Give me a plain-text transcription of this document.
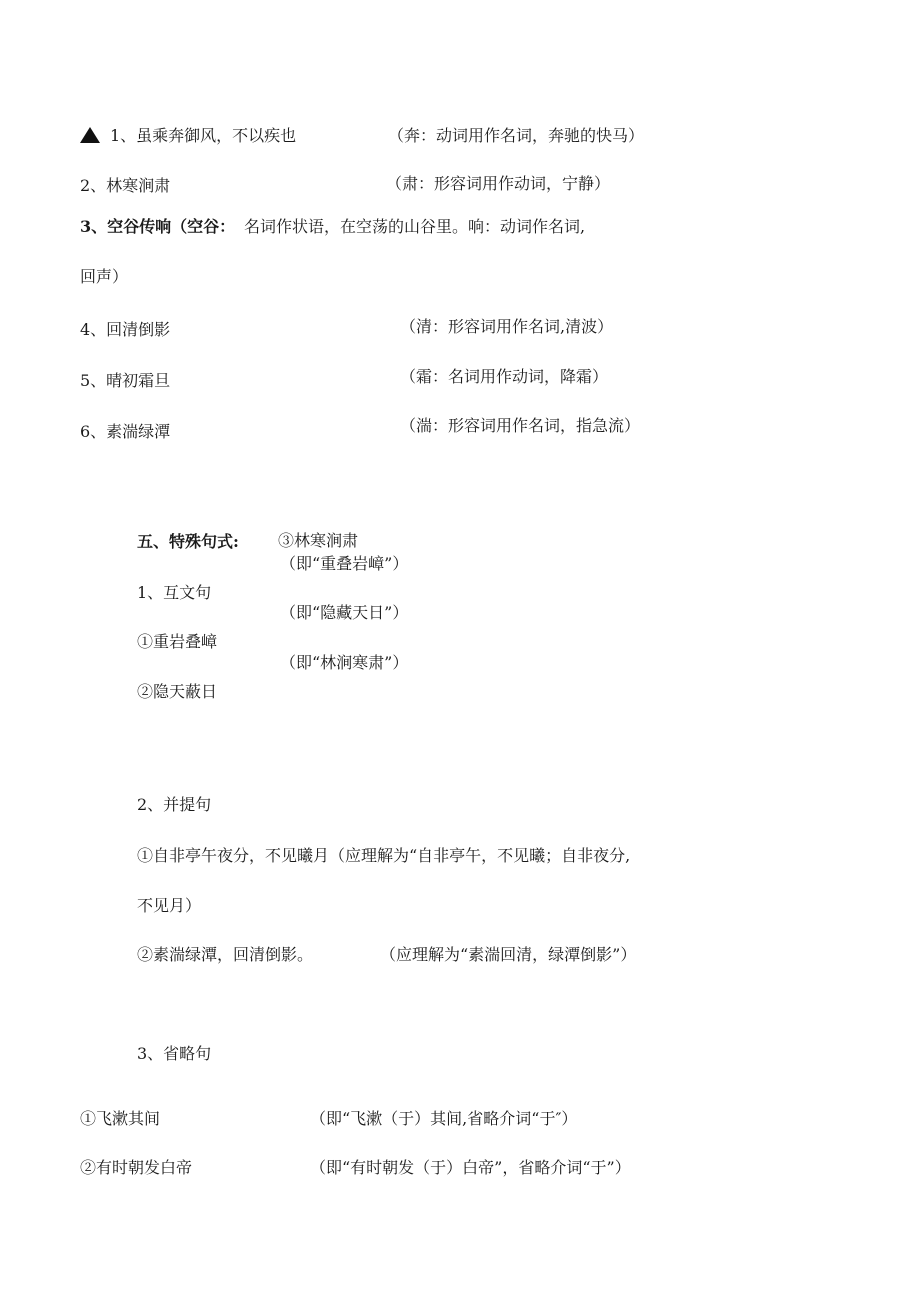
1、虽乘奔御风，不以疾也	（奔：动词用作名词，奔驰的快马）
2、林寒涧肃	（肃：形容词用作动词，宁静）
3、空谷传响（空谷： 名词作状语，在空荡的山谷里。响：动词作名词,
回声）
4、回清倒影	（清：形容词用作名词,清波）
5、晴初霜旦	（霜：名词用作动词，降霜）
6、素湍绿潭	（湍：形容词用作名词，指急流）
五、特殊句式: ③林寒涧肃
（即“重叠岩嶂”）
1、互文句
（即“隐藏天日”）
①重岩叠嶂
（即“林涧寒肃”）
②隐天蔽日
2、并提句
①自非亭午夜分，不见曦月（应理解为“自非亭午，不见曦；自非夜分,
不见月）
②素湍绿潭，回清倒影。	（应理解为“素湍回清，绿潭倒影”）
3、省略句
①飞漱其间	（即“飞漱（于）其间,省略介词“于″）
②有时朝发白帝	（即“有时朝发（于）白帝”，省略介词“于”）
